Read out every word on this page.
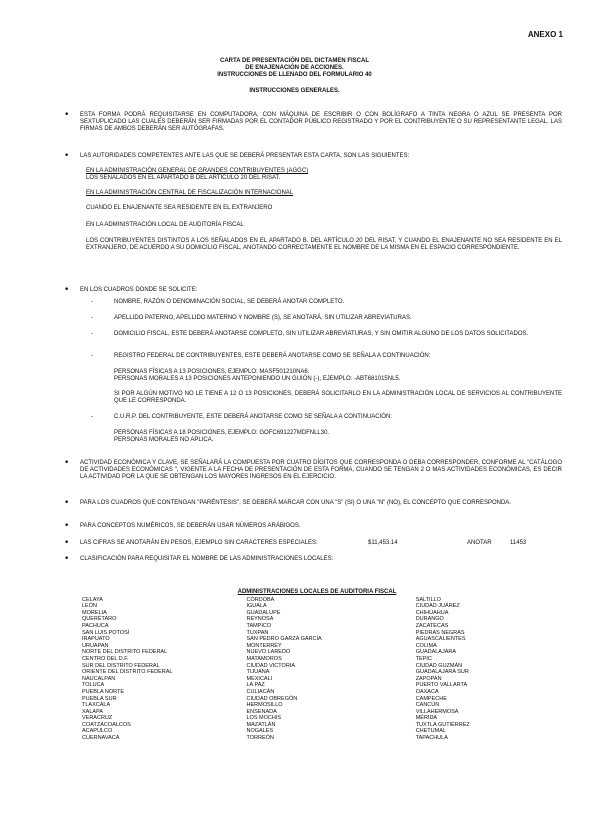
ANEXO 1
CARTA DE PRESENTACIÓN DEL DICTAMEN FISCAL
DE ENAJENACIÓN DE ACCIONES.
INSTRUCCIONES DE LLENADO DEL FORMULARIO 40
INSTRUCCIONES GENERALES.
• ESTA FORMA PODRÁ REQUISITARSE EN COMPUTADORA, CON MÁQUINA DE ESCRIBIR O CON BOLÍGRAFO A TINTA NEGRA O AZUL SE PRESENTA POR SEXTUPLICADO LAS CUALES DEBERÁN SER FIRMADAS POR EL CONTADOR PÚBLICO REGISTRADO Y POR EL CONTRIBUYENTE O SU REPRESENTANTE LEGAL. LAS FIRMAS DE AMBOS DEBERÁN SER AUTÓGRAFAS.
• LAS AUTORIDADES COMPETENTES ANTE LAS QUE SE DEBERÁ PRESENTAR ESTA CARTA, SON LAS SIGUIENTES:
EN LA ADMINISTRACIÓN GENERAL DE GRANDES CONTRIBUYENTES (AGGC)
LOS SEÑALADOS EN EL APARTADO B DEL ARTÍCULO 20 DEL RISAT.
EN LA ADMINISTRACIÓN CENTRAL DE FISCALIZACIÓN INTERNACIONAL
CUANDO EL ENAJENANTE SEA RESIDENTE EN EL EXTRANJERO
EN LA ADMINISTRACIÓN LOCAL DE AUDITORÍA FISCAL
LOS CONTRIBUYENTES DISTINTOS A LOS SEÑALADOS EN EL APARTADO B. DEL ARTÍCULO 20 DEL RISAT, Y CUANDO EL ENAJENANTE NO SEA RESIDENTE EN EL EXTRANJERO, DE ACUERDO A SU DOMICILIO FISCAL, ANOTANDO CORRECTAMENTE EL NOMBRE DE LA MISMA EN EL ESPACIO CORRESPONDIENTE.
• EN LOS CUADROS DONDE SE SOLICITE:
-	NOMBRE, RAZÓN O DENOMINACIÓN SOCIAL, SE DEBERÁ ANOTAR COMPLETO.
-	APELLIDO PATERNO, APELLIDO MATERNO Y NOMBRE (S), SE ANOTARÁ, SIN UTILIZAR ABREVIATURAS.
-	DOMICILIO FISCAL, ESTE DEBERÁ ANOTARSE COMPLETO, SIN UTILIZAR ABREVIATURAS, Y SIN OMITIR ALGUNO DE LOS DATOS SOLICITADOS.
-	REGISTRO FEDERAL DE CONTRIBUYENTES, ESTE DEBERÁ ANOTARSE COMO SE SEÑALA A CONTINUACIÓN:
PERSONAS FÍSICAS A 13 POSICIONES, EJEMPLO: MASF501210NA6.
PERSONAS MORALES A 13 POSICIONES ANTEPONIENDO UN GUIÓN (-), EJEMPLO: -ABT681015NL5.
SI POR ALGÚN MOTIVO NO LE TIENE A 12 O 13 POSICIONES, DEBERÁ SOLICITARLO EN LA ADMINISTRACIÓN LOCAL DE SERVICIOS AL CONTRIBUYENTE QUE LE CORRESPONDA.
-	C.U.R.P. DEL CONTRIBUYENTE, ESTE DEBERÁ ANOTARSE COMO SE SEÑALA A CONTINUACIÓN:
PERSONAS FÍSICAS A 18 POSICIONES, EJEMPLO: GOFC691227MDFNLL30.
PERSONAS MORALES NO APLICA.
• ACTIVIDAD ECONÓMICA Y CLAVE, SE SEÑALARÁ LA COMPUESTA POR CUATRO DÍGITOS QUE CORRESPONDA O DEBA CORRESPONDER, CONFORME AL "CATÁLOGO DE ACTIVIDADES ECONÓMICAS ", VIGENTE A LA FECHA DE PRESENTACIÓN DE ESTA FORMA, CUANDO SE TENGAN 2 O MAS ACTIVIDADES ECONÓMICAS, ES DECIR LA ACTIVIDAD POR LA QUE SE OBTENGAN LOS MAYORES INGRESOS EN EL EJERCICIO.
• PARA LOS CUADROS QUE CONTENGAN "PARÉNTESIS", SE DEBERÁ MARCAR CON UNA "S" (SI) O UNA "N" (NO), EL CONCEPTO QUE CORRESPONDA.
• PARA CONCEPTOS NUMÉRICOS, SE DEBERÁN USAR NÚMEROS ARÁBIGOS.
• LAS CIFRAS SE ANOTARÁN EN PESOS, EJEMPLO SIN CARACTERES ESPECIALES:	$11,453.14	ANOTAR	11453
• CLASIFICACIÓN PARA REQUISITAR EL NOMBRE DE LAS ADMINISTRACIONES LOCALES:
ADMINISTRACIONES LOCALES DE AUDITORIA FISCAL		
CELAYA	CÓRDOBA	SALTILLO
LEÓN	IGUALA	CIUDAD JUÁREZ
MORELIA	GUADALUPE	CHIHUAHUA
QUERÉTARO	REYNOSA	DURANGO
PACHUCA	TAMPICO	ZACATECAS
SAN LUIS POTOSÍ	TUXPAN	PIEDRAS NEGRAS
IRAPUATO	SAN PEDRO GARZA GARCÍA	AGUASCALIENTES
URUAPAN	MONTERREY	COLIMA
NORTE DEL DISTRITO FEDERAL	NUEVO LAREDO	GUADALAJARA
CENTRO DEL D.F.	MATAMOROS	TEPIC
SUR DEL DISTRITO FEDERAL	CIUDAD VICTORIA	CIUDAD GUZMÁN
ORIENTE DEL DISTRITO FEDERAL	TIJUANA	GUADALAJARA SUR
NAUCALPAN	MEXICALI	ZAPOPAN
TOLUCA	LA PAZ	PUERTO VALLARTA
PUEBLA NORTE	CULIACÁN	OAXACA
PUEBLA SUR	CIUDAD OBREGÓN	CAMPECHE
TLAXCALA	HERMOSILLO	CANCÚN
XALAPA	ENSENADA	VILLAHERMOSA
VERACRUZ	LOS MOCHIS	MÉRIDA
COATZACOALCOS	MAZATLÁN	TUXTLA GUTIÉRREZ
ACAPULCO	NOGALES	CHETUMAL
CUERNAVACA	TORREÓN	TAPACHULA
